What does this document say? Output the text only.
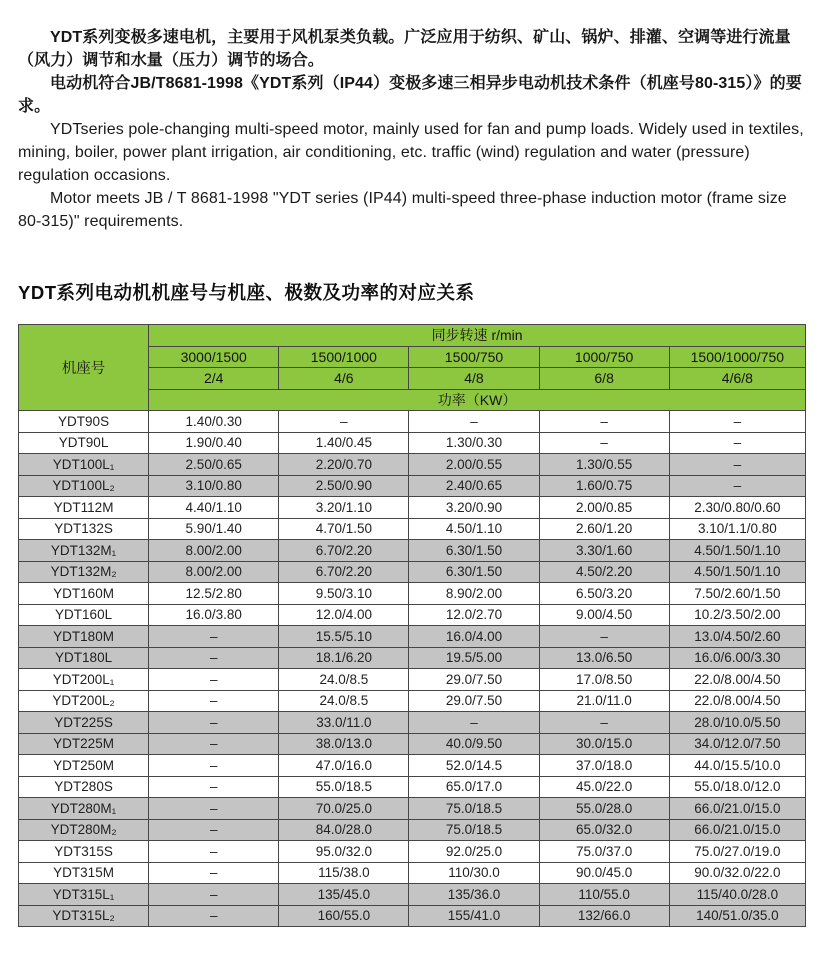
YDT系列变极多速电机，主要用于风机泵类负载。广泛应用于纺织、矿山、锅炉、排灌、空调等进行流量（风力）调节和水量（压力）调节的场合。

电动机符合JB/T8681-1998《YDT系列（IP44）变极多速三相异步电动机技术条件（机座号80-315）》的要求。

YDTseries pole-changing multi-speed motor, mainly used for fan and pump loads. Widely used in textiles, mining, boiler, power plant irrigation, air conditioning, etc. traffic (wind) regulation and water (pressure) regulation occasions.

Motor meets JB / T 8681-1998 "YDT series (IP44) multi-speed three-phase induction motor (frame size 80-315)" requirements.

YDT系列电动机机座号与机座、极数及功率的对应关系
机座号	同步转速 r/min				
	3000/1500	1500/1000	1500/750	1000/750	1500/1000/750
	2/4	4/6	4/8	6/8	4/6/8
	功率（KW）				
YDT90S	1.40/0.30	–	–	–	–
YDT90L	1.90/0.40	1.40/0.45	1.30/0.30	–	–
YDT100L₁	2.50/0.65	2.20/0.70	2.00/0.55	1.30/0.55	–
YDT100L₂	3.10/0.80	2.50/0.90	2.40/0.65	1.60/0.75	–
YDT112M	4.40/1.10	3.20/1.10	3.20/0.90	2.00/0.85	2.30/0.80/0.60
YDT132S	5.90/1.40	4.70/1.50	4.50/1.10	2.60/1.20	3.10/1.1/0.80
YDT132M₁	8.00/2.00	6.70/2.20	6.30/1.50	3.30/1.60	4.50/1.50/1.10
YDT132M₂	8.00/2.00	6.70/2.20	6.30/1.50	4.50/2.20	4.50/1.50/1.10
YDT160M	12.5/2.80	9.50/3.10	8.90/2.00	6.50/3.20	7.50/2.60/1.50
YDT160L	16.0/3.80	12.0/4.00	12.0/2.70	9.00/4.50	10.2/3.50/2.00
YDT180M	–	15.5/5.10	16.0/4.00	–	13.0/4.50/2.60
YDT180L	–	18.1/6.20	19.5/5.00	13.0/6.50	16.0/6.00/3.30
YDT200L₁	–	24.0/8.5	29.0/7.50	17.0/8.50	22.0/8.00/4.50
YDT200L₂	–	24.0/8.5	29.0/7.50	21.0/11.0	22.0/8.00/4.50
YDT225S	–	33.0/11.0	–	–	28.0/10.0/5.50
YDT225M	–	38.0/13.0	40.0/9.50	30.0/15.0	34.0/12.0/7.50
YDT250M	–	47.0/16.0	52.0/14.5	37.0/18.0	44.0/15.5/10.0
YDT280S	–	55.0/18.5	65.0/17.0	45.0/22.0	55.0/18.0/12.0
YDT280M₁	–	70.0/25.0	75.0/18.5	55.0/28.0	66.0/21.0/15.0
YDT280M₂	–	84.0/28.0	75.0/18.5	65.0/32.0	66.0/21.0/15.0
YDT315S	–	95.0/32.0	92.0/25.0	75.0/37.0	75.0/27.0/19.0
YDT315M	–	115/38.0	110/30.0	90.0/45.0	90.0/32.0/22.0
YDT315L₁	–	135/45.0	135/36.0	110/55.0	115/40.0/28.0
YDT315L₂	–	160/55.0	155/41.0	132/66.0	140/51.0/35.0
